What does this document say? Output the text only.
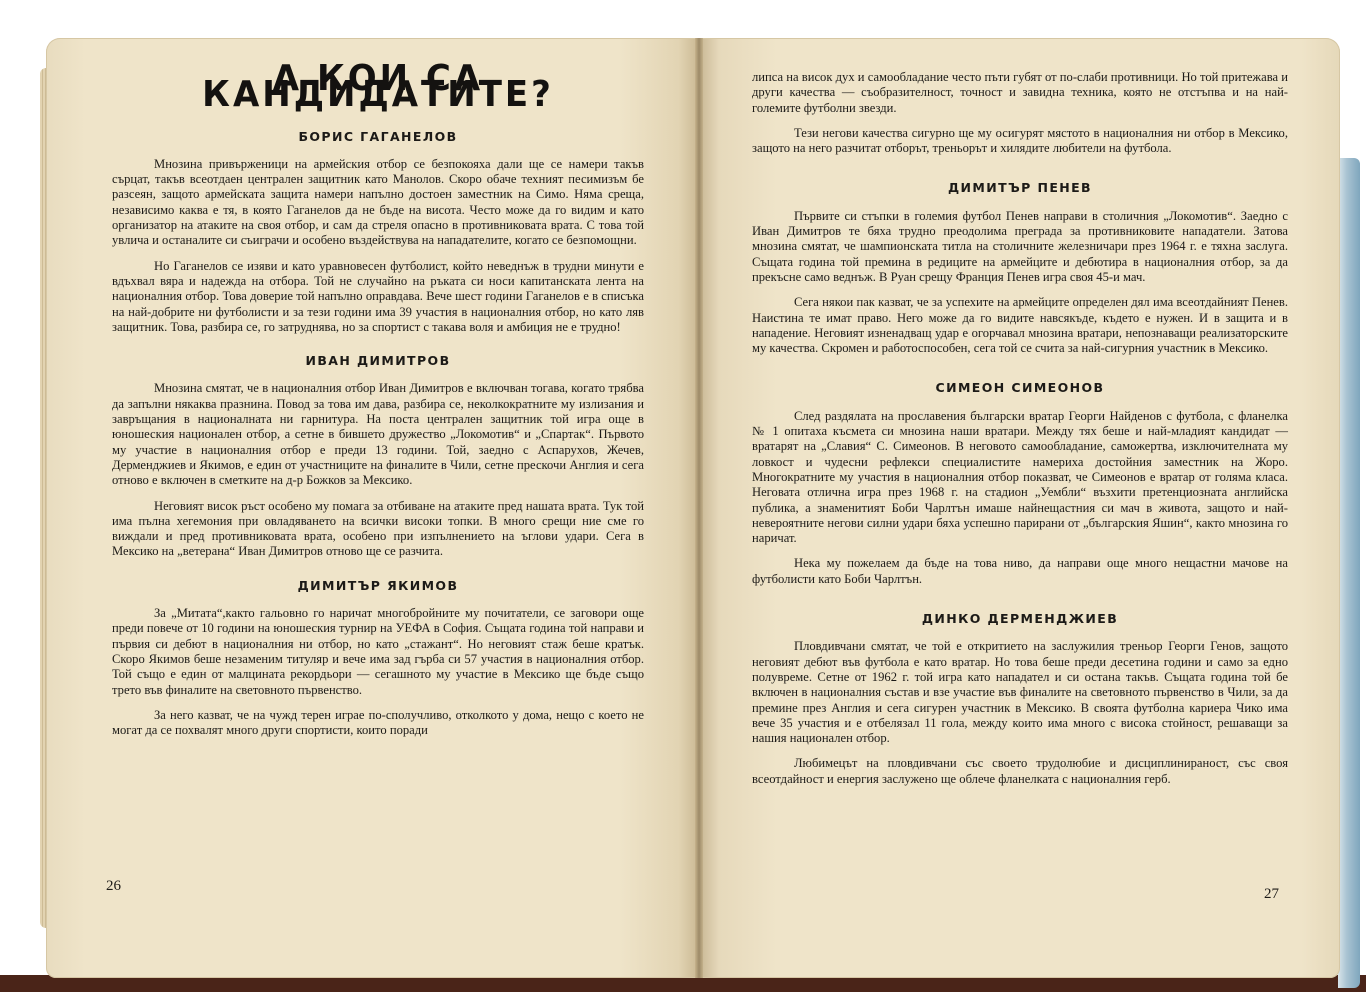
А КОИ СА КАНДИДАТИТЕ?
БОРИС ГАГАНЕЛОВ

Мнозина привърженици на армейския отбор се безпокояха дали ще се намери такъв сърцат, такъв всеотдаен централен защитник като Манолов. Скоро обаче техният песимизъм бе разсеян, защото армейската защита намери напълно достоен заместник на Симо. Няма среща, независимо каква е тя, в която Гаганелов да не бъде на висота. Често може да го видим и като организатор на атаките на своя отбор, и сам да стреля опасно в противниковата врата. С това той увлича и останалите си съиграчи и особено въздействува на нападателите, когато се безпомощни.

Но Гаганелов се изяви и като уравновесен футболист, който неведнъж в трудни минути е вдъхвал вяра и надежда на отбора. Той не случайно на ръката си носи капитанската лента на националния отбор. Това доверие той напълно оправдава. Вече шест години Гаганелов е в списъка на най-добрите ни футболисти и за тези години има 39 участия в националния отбор, но като ляв защитник. Това, разбира се, го затруднява, но за спортист с такава воля и амбиция не е трудно!

ИВАН ДИМИТРОВ

Мнозина смятат, че в националния отбор Иван Димитров е включван тогава, когато трябва да запълни някаква празнина. Повод за това им дава, разбира се, неколкократните му излизания и завръщания в националната ни гарнитура. На поста централен защитник той игра още в юношеския национален отбор, а сетне в бившето дружество „Локомотив“ и „Спартак“. Първото му участие в националния отбор е преди 13 години. Той, заедно с Аспарухов, Жечев, Дерменджиев и Якимов, е един от участниците на финалите в Чили, сетне прескочи Англия и сега отново е включен в сметките на д-р Божков за Мексико.

Неговият висок ръст особено му помага за отбиване на атаките пред нашата врата. Тук той има пълна хегемония при овладяването на всички високи топки. В много срещи ние сме го виждали и пред противниковата врата, особено при изпълнението на ъглови удари. Сега в Мексико на „ветерана“ Иван Димитров отново ще се разчита.

ДИМИТЪР ЯКИМОВ

За „Митата“,както гальовно го наричат многобройните му почитатели, се заговори още преди повече от 10 години на юношеския турнир на УЕФА в София. Същата година той направи и първия си дебют в националния ни отбор, но като „стажант“. Но неговият стаж беше кратък. Скоро Якимов беше незаменим титуляр и вече има зад гърба си 57 участия в националния отбор. Той също е един от малцината рекордьори — сегашното му участие в Мексико ще бъде също трето във финалите на световното първенство.

За него казват, че на чужд терен играе по-сполучливо, отколкото у дома, нещо с което не могат да се похвалят много други спортисти, които поради

26

липса на висок дух и самообладание често пъти губят от по-слаби противници. Но той притежава и други качества — съобразителност, точност и завидна техника, която не отстъпва и на най-големите футболни звезди.

Тези негови качества сигурно ще му осигурят мястото в националния ни отбор в Мексико, защото на него разчитат отборът, треньорът и хилядите любители на футбола.

ДИМИТЪР ПЕНЕВ

Първите си стъпки в големия футбол Пенев направи в столичния „Локомотив“. Заедно с Иван Димитров те бяха трудно преодолима преграда за противниковите нападатели. Затова мнозина смятат, че шампионската титла на столичните железничари през 1964 г. е тяхна заслуга. Същата година той премина в редиците на армейците и дебютира в националния отбор, за да прекъсне само веднъж. В Руан срещу Франция Пенев игра своя 45-и мач.

Сега някои пак казват, че за успехите на армейците определен дял има всеотдайният Пенев. Наистина те имат право. Него може да го видите навсякъде, където е нужен. И в защита и в нападение. Неговият изненадващ удар е огорчавал мнозина вратари, непознаващи реализаторските му качества. Скромен и работоспособен, сега той се счита за най-сигурния участник в Мексико.

СИМЕОН СИМЕОНОВ

След раздялата на прославения български вратар Георги Найденов с футбола, с фланелка № 1 опитаха късмета си мнозина наши вратари. Между тях беше и най-младият кандидат — вратарят на „Славия“ С. Симеонов. В неговото самообладание, саможертва, изключителната му ловкост и чудесни рефлекси специалистите намериха достойния заместник на Жоро. Многократните му участия в националния отбор показват, че Симеонов е вратар от голяма класа. Неговата отлична игра през 1968 г. на стадион „Уембли“ възхити претенциозната английска публика, а знаменитият Боби Чарлтън имаше найнещастния си мач в живота, защото и най-невероятните негови силни удари бяха успешно парирани от „българския Яшин“, както мнозина го наричат.

Нека му пожелаем да бъде на това ниво, да направи още много нещастни мачове на футболисти като Боби Чарлтън.

ДИНКО ДЕРМЕНДЖИЕВ

Пловдивчани смятат, че той е откритието на заслужилия треньор Георги Генов, защото неговият дебют във футбола е като вратар. Но това беше преди десетина години и само за едно полувреме. Сетне от 1962 г. той игра като нападател и си остана такъв. Същата година той бе включен в националния състав и взе участие във финалите на световното първенство в Чили, за да премине през Англия и сега сигурен участник в Мексико. В своята футболна кариера Чико има вече 35 участия и е отбелязал 11 гола, между които има много с висока стойност, решаващи за нашия национален отбор.

Любимецът на пловдивчани със своето трудолюбие и дисциплинираност, със своя всеотдайност и енергия заслужено ще облече фланелката с националния герб.

27
